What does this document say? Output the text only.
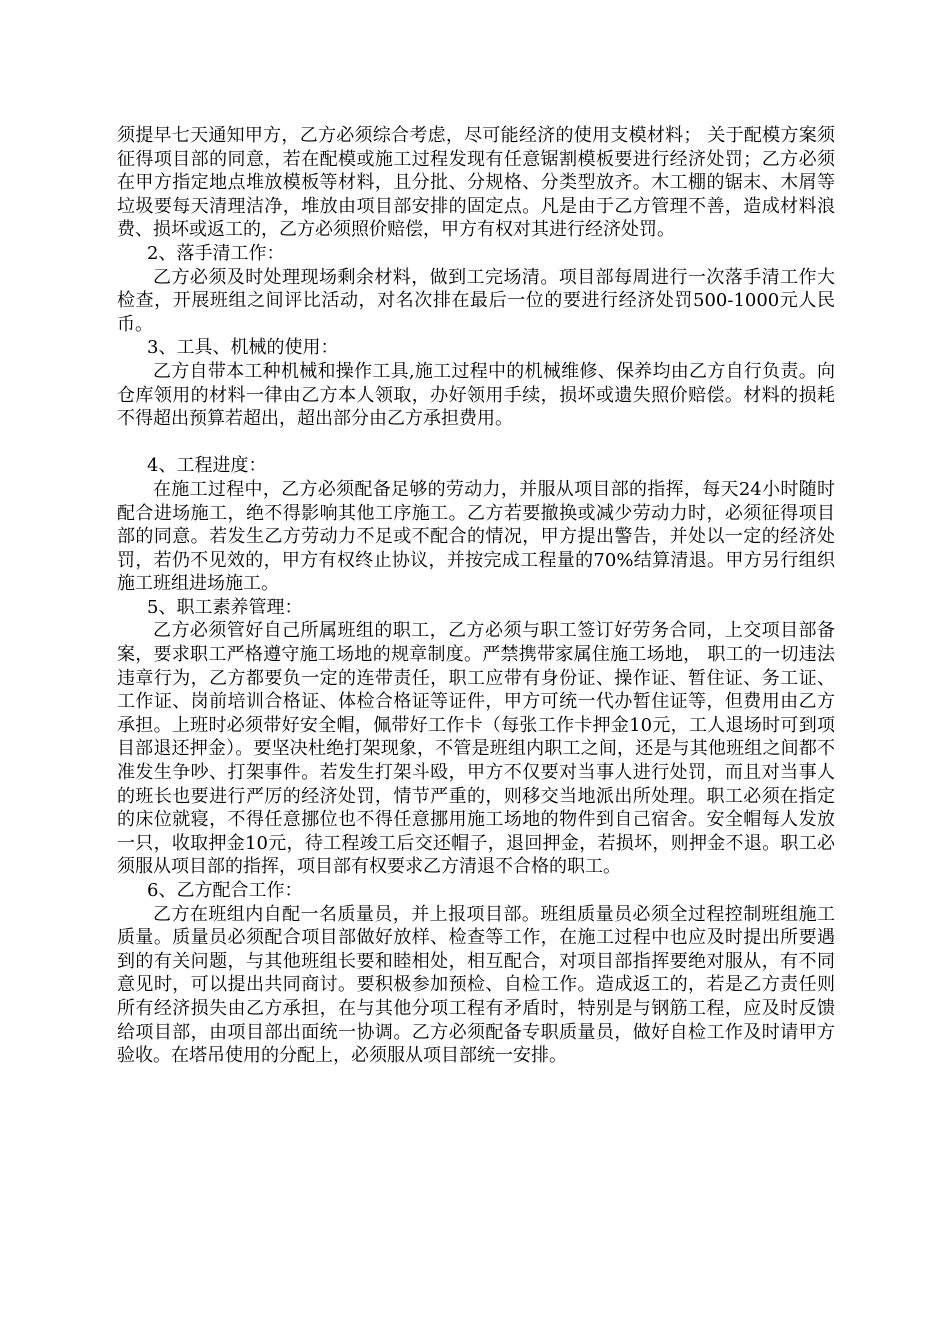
须提早七天通知甲方，乙方必须综合考虑，尽可能经济的使用支模材料； 关于配模方案须征得项目部的同意，若在配模或施工过程发现有任意锯割模板要进行经济处罚；乙方必须在甲方指定地点堆放模板等材料，且分批、分规格、分类型放齐。木工棚的锯末、木屑等垃圾要每天清理洁净，堆放由项目部安排的固定点。凡是由于乙方管理不善，造成材料浪费、损坏或返工的，乙方必须照价赔偿，甲方有权对其进行经济处罚。

2、落手清工作：

乙方必须及时处理现场剩余材料，做到工完场清。项目部每周进行一次落手清工作大检查，开展班组之间评比活动，对名次排在最后一位的要进行经济处罚500-1000元人民币。

3、工具、机械的使用：

乙方自带本工种机械和操作工具,施工过程中的机械维修、保养均由乙方自行负责。向仓库领用的材料一律由乙方本人领取，办好领用手续，损坏或遗失照价赔偿。材料的损耗不得超出预算若超出，超出部分由乙方承担费用。

4、工程进度：

在施工过程中，乙方必须配备足够的劳动力，并服从项目部的指挥，每天24小时随时配合进场施工，绝不得影响其他工序施工。乙方若要撤换或减少劳动力时，必须征得项目部的同意。若发生乙方劳动力不足或不配合的情况，甲方提出警告，并处以一定的经济处罚，若仍不见效的，甲方有权终止协议，并按完成工程量的70%结算清退。甲方另行组织施工班组进场施工。

5、职工素养管理：

乙方必须管好自己所属班组的职工，乙方必须与职工签订好劳务合同，上交项目部备案，要求职工严格遵守施工场地的规章制度。严禁携带家属住施工场地， 职工的一切违法违章行为，乙方都要负一定的连带责任，职工应带有身份证、操作证、暂住证、务工证、工作证、岗前培训合格证、体检合格证等证件，甲方可统一代办暂住证等，但费用由乙方承担。上班时必须带好安全帽，佩带好工作卡（每张工作卡押金10元，工人退场时可到项目部退还押金）。要坚决杜绝打架现象，不管是班组内职工之间，还是与其他班组之间都不准发生争吵、打架事件。若发生打架斗殴，甲方不仅要对当事人进行处罚，而且对当事人的班长也要进行严厉的经济处罚，情节严重的，则移交当地派出所处理。职工必须在指定的床位就寝，不得任意挪位也不得任意挪用施工场地的物件到自己宿舍。安全帽每人发放一只，收取押金10元，待工程竣工后交还帽子，退回押金，若损坏，则押金不退。职工必须服从项目部的指挥，项目部有权要求乙方清退不合格的职工。

6、乙方配合工作：

乙方在班组内自配一名质量员，并上报项目部。班组质量员必须全过程控制班组施工质量。质量员必须配合项目部做好放样、检查等工作，在施工过程中也应及时提出所要遇到的有关问题，与其他班组长要和睦相处，相互配合，对项目部指挥要绝对服从，有不同意见时，可以提出共同商讨。要积极参加预检、自检工作。造成返工的，若是乙方责任则所有经济损失由乙方承担，在与其他分项工程有矛盾时，特别是与钢筋工程，应及时反馈给项目部，由项目部出面统一协调。乙方必须配备专职质量员，做好自检工作及时请甲方验收。在塔吊使用的分配上，必须服从项目部统一安排。
